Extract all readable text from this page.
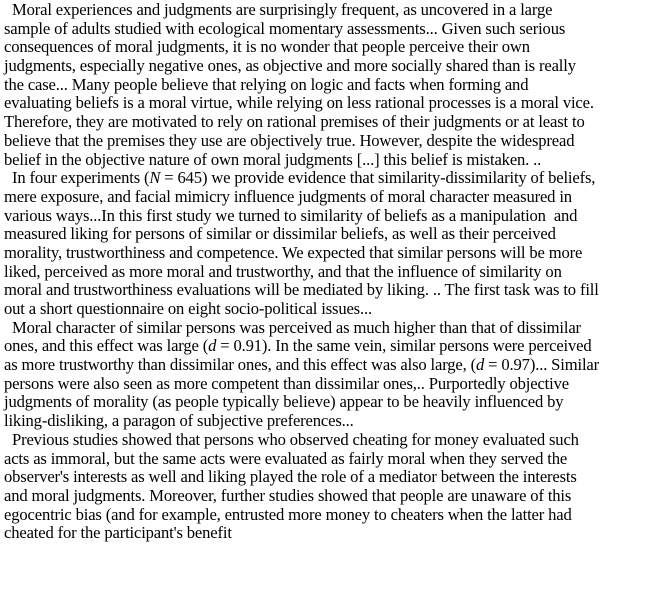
Moral experiences and judgments are surprisingly frequent, as uncovered in a large
sample of adults studied with ecological momentary assessments... Given such serious
consequences of moral judgments, it is no wonder that people perceive their own
judgments, especially negative ones, as objective and more socially shared than is really
the case... Many people believe that relying on logic and facts when forming and
evaluating beliefs is a moral virtue, while relying on less rational processes is a moral vice.
Therefore, they are motivated to rely on rational premises of their judgments or at least to
believe that the premises they use are objectively true. However, despite the widespread
belief in the objective nature of own moral judgments [...] this belief is mistaken. ..
In four experiments (N = 645) we provide evidence that similarity-dissimilarity of beliefs,
mere exposure, and facial mimicry influence judgments of moral character measured in
various ways...In this first study we turned to similarity of beliefs as a manipulation  and
measured liking for persons of similar or dissimilar beliefs, as well as their perceived
morality, trustworthiness and competence. We expected that similar persons will be more
liked, perceived as more moral and trustworthy, and that the influence of similarity on
moral and trustworthiness evaluations will be mediated by liking. .. The first task was to fill
out a short questionnaire on eight socio-political issues...
Moral character of similar persons was perceived as much higher than that of dissimilar
ones, and this effect was large (d = 0.91). In the same vein, similar persons were perceived
as more trustworthy than dissimilar ones, and this effect was also large, (d = 0.97)... Similar
persons were also seen as more competent than dissimilar ones,.. Purportedly objective
judgments of morality (as people typically believe) appear to be heavily influenced by
liking-disliking, a paragon of subjective preferences...
Previous studies showed that persons who observed cheating for money evaluated such
acts as immoral, but the same acts were evaluated as fairly moral when they served the
observer's interests as well and liking played the role of a mediator between the interests
and moral judgments. Moreover, further studies showed that people are unaware of this
egocentric bias (and for example, entrusted more money to cheaters when the latter had
cheated for the participant's benefit
